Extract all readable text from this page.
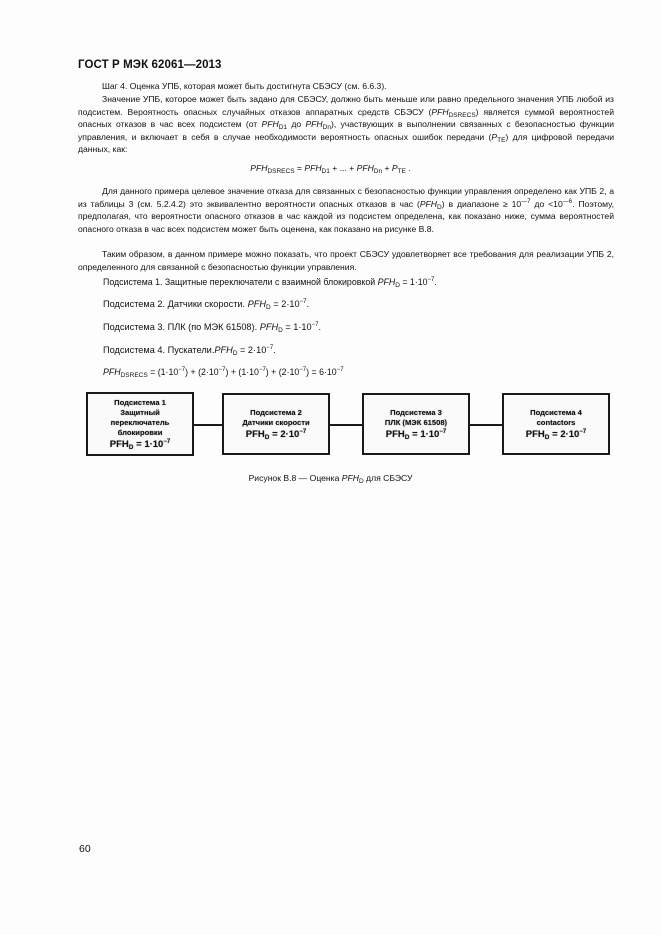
ГОСТ Р МЭК 62061—2013
Шаг 4. Оценка УПБ, которая может быть достигнута СБЭСУ (см. 6.6.3).
Значение УПБ, которое может быть задано для СБЭСУ, должно быть меньше или равно предельного значения УПБ любой из подсистем. Вероятность опасных случайных отказов аппаратных средств СБЭСУ $(PFH_{DSRECS})$ является суммой вероятностей опасных отказов в час всех подсистем (от $PFH_{D1}$ до $PFH_{Dn}$), участвующих в выполнении связанных с безопасностью функции управления, и включает в себя в случае необходимости вероятность опасных ошибок передачи $(P_{TE})$ для цифровой передачи данных, как:
$PFH_{DSRECS} = PFH_{D1}$ + ... + $PFH_{Dn} + P_{TE}$ .
Для данного примера целевое значение отказа для связанных с безопасностью функции управления определено как УПБ 2, а из таблицы 3 (см. 5.2.4.2) это эквивалентно вероятности опасных отказов в час $(PFH_D)$ в диапазоне ≥ $10^{—7}$ до $<10^{—6}$. Поэтому, предполагая, что вероятности опасного отказов в час каждой из подсистем определена, как показано ниже, сумма вероятностей опасного отказа в час всех подсистем может быть оценена, как показано на рисунке B.8.
Таким образом, в данном примере можно показать, что проект СБЭСУ удовлетворяет все требования для реализации УПБ 2, определенного для связанной с безопасностью функции управления.
Подсистема 1. Защитные переключатели с взаимной блокировкой $PFH_D = 1\cdot 10^{-7}$.
Подсистема 2. Датчики скорости. $PFH_D = 2\cdot 10^{-7}$.
Подсистема 3. ПЛК (по МЭК 61508). $PFH_D = 1\cdot 10^{-7}$.
Подсистема 4. $Пускатели.PFH_D = 2\cdot 10^{-7}$.
$PFH_{DSRECS} = (1\cdot 10^{-7}) + (2\cdot 10^{-7}) + (1\cdot 10^{-7}) + (2\cdot 10^{-7}) = 6\cdot 10^{-7}$
Подсистема 1
Защитный
переключатель
блокировки
$PFH_D = 1\cdot 10^{-7}$
Подсистема 2
Датчики скорости
$PFH_D = 2\cdot 10^{-7}$
Подсистема 3
ПЛК (МЭК 61508)
$PFH_D = 1\cdot 10^{-7}$
Подсистема 4
contactors
$PFH_D = 2\cdot 10^{-7}$
Рисунок B.8 — Оценка $PFH_D$ для СБЭСУ
60
